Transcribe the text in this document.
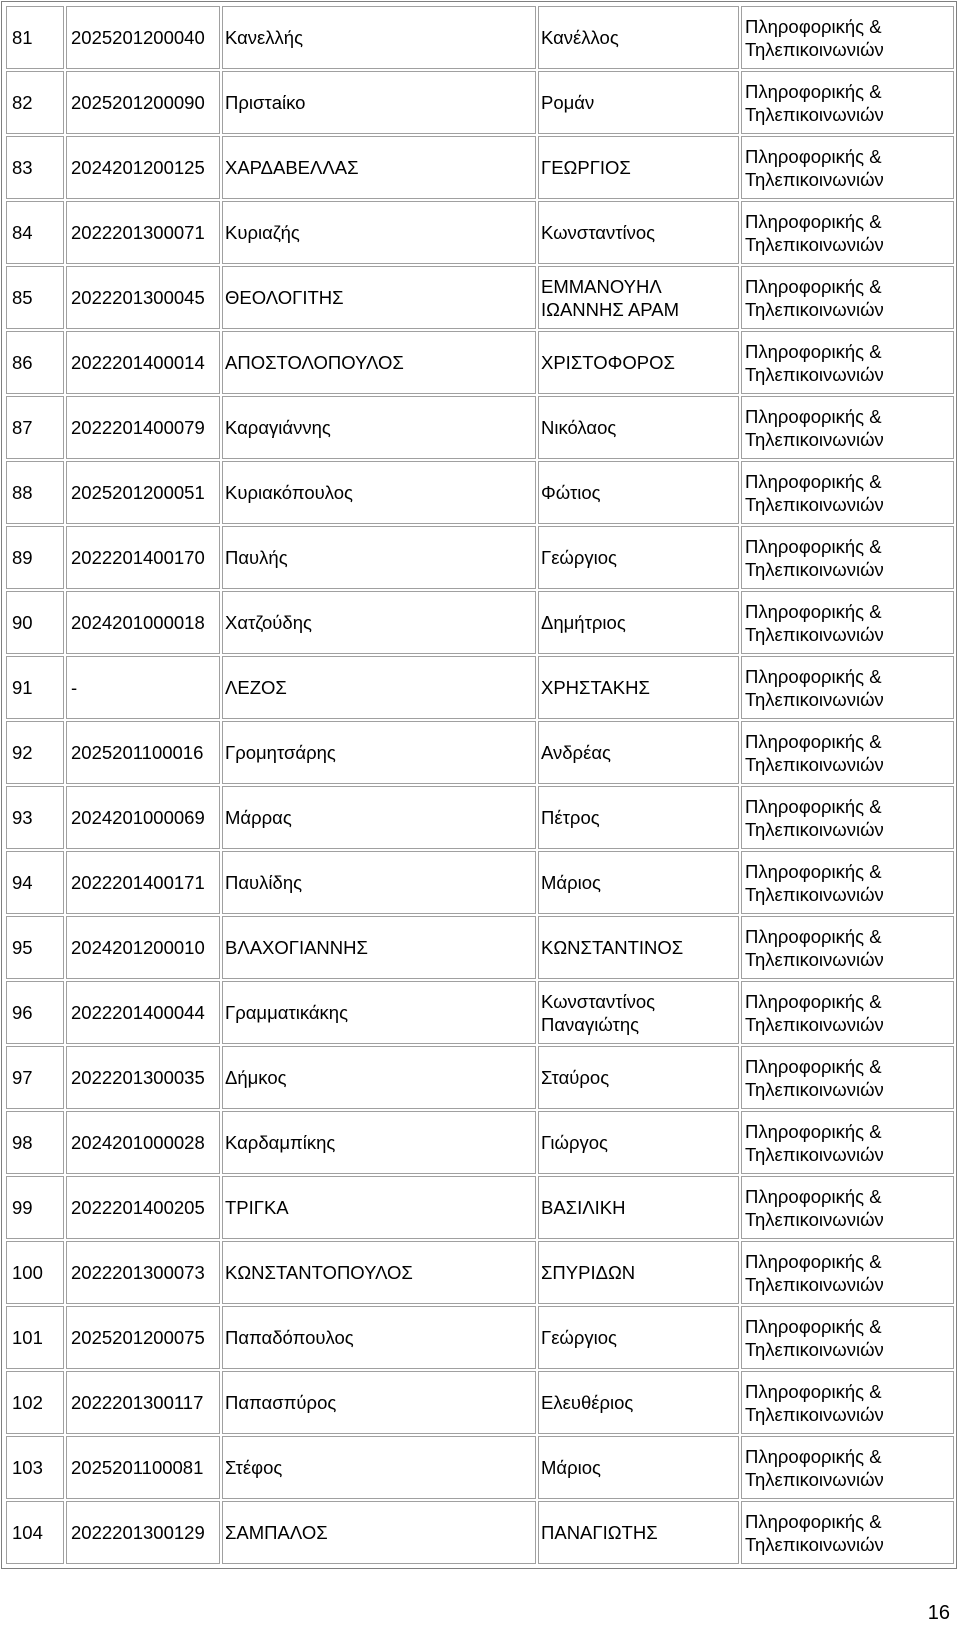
81	2025201200040	Κανελλής	Κανέλλος	Πληροφορικής & Τηλεπικοινωνιών
82	2025201200090	Πριστaίκο	Ρομάν	Πληροφορικής & Τηλεπικοινωνιών
83	2024201200125	ΧΑΡΔΑΒΕΛΛΑΣ	ΓΕΩΡΓΙΟΣ	Πληροφορικής & Τηλεπικοινωνιών
84	2022201300071	Κυριαζής	Κωνσταντίνος	Πληροφορικής & Τηλεπικοινωνιών
85	2022201300045	ΘΕΟΛΟΓΙΤΗΣ	ΕΜΜΑΝΟΥΗΛ ΙΩΑΝΝΗΣ ΑΡΑΜ	Πληροφορικής & Τηλεπικοινωνιών
86	2022201400014	ΑΠΟΣΤΟΛΟΠΟΥΛΟΣ	ΧΡΙΣΤΟΦΟΡΟΣ	Πληροφορικής & Τηλεπικοινωνιών
87	2022201400079	Καραγιάννης	Νικόλαος	Πληροφορικής & Τηλεπικοινωνιών
88	2025201200051	Κυριακόπουλος	Φώτιος	Πληροφορικής & Τηλεπικοινωνιών
89	2022201400170	Παυλής	Γεώργιος	Πληροφορικής & Τηλεπικοινωνιών
90	2024201000018	Χατζούδης	Δημήτριος	Πληροφορικής & Τηλεπικοινωνιών
91	-	ΛΕΖΟΣ	ΧΡΗΣΤΑΚΗΣ	Πληροφορικής & Τηλεπικοινωνιών
92	2025201100016	Γρομητσάρης	Ανδρέας	Πληροφορικής & Τηλεπικοινωνιών
93	2024201000069	Μάρρας	Πέτρος	Πληροφορικής & Τηλεπικοινωνιών
94	2022201400171	Παυλίδης	Μάριος	Πληροφορικής & Τηλεπικοινωνιών
95	2024201200010	ΒΛΑΧΟΓΙΑΝΝΗΣ	ΚΩΝΣΤΑΝΤΙΝΟΣ	Πληροφορικής & Τηλεπικοινωνιών
96	2022201400044	Γραμματικάκης	Κωνσταντίνος Παναγιώτης	Πληροφορικής & Τηλεπικοινωνιών
97	2022201300035	Δήμκος	Σταύρος	Πληροφορικής & Τηλεπικοινωνιών
98	2024201000028	Καρδαμπίκης	Γιώργος	Πληροφορικής & Τηλεπικοινωνιών
99	2022201400205	ΤΡΙΓΚΑ	ΒΑΣΙΛΙΚΗ	Πληροφορικής & Τηλεπικοινωνιών
100	2022201300073	ΚΩΝΣΤΑΝΤΟΠΟΥΛΟΣ	ΣΠΥΡΙΔΩΝ	Πληροφορικής & Τηλεπικοινωνιών
101	2025201200075	Παπαδόπουλος	Γεώργιος	Πληροφορικής & Τηλεπικοινωνιών
102	2022201300117	Παπασπύρος	Ελευθέριος	Πληροφορικής & Τηλεπικοινωνιών
103	2025201100081	Στέφος	Μάριος	Πληροφορικής & Τηλεπικοινωνιών
104	2022201300129	ΣΑΜΠΑΛΟΣ	ΠΑΝΑΓΙΩΤΗΣ	Πληροφορικής & Τηλεπικοινωνιών
16
